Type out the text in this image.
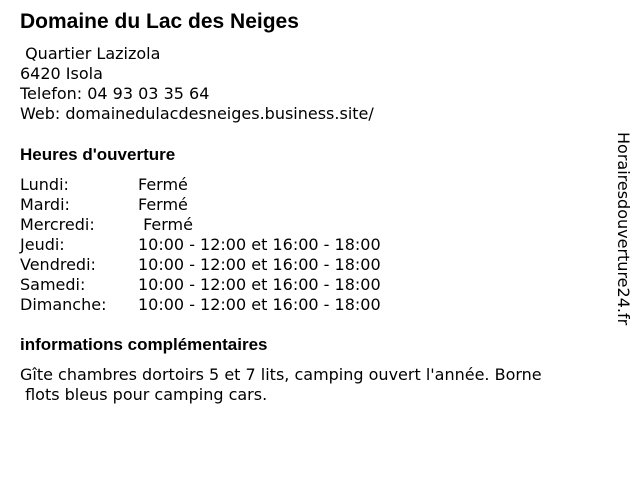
Domaine du Lac des Neiges
Quartier Lazizola
6420 Isola
Telefon: 04 93 03 35 64
Web: domainedulacdesneiges.business.site/
Heures d'ouverture
Lundi:	Fermé
Mardi:	Fermé
Mercredi:	Fermé
Jeudi:	10:00 - 12:00 et 16:00 - 18:00
Vendredi:	10:00 - 12:00 et 16:00 - 18:00
Samedi:	10:00 - 12:00 et 16:00 - 18:00
Dimanche: 10:00 - 12:00 et 16:00 - 18:00
informations complémentaires
Gîte chambres dortoirs 5 et 7 lits, camping ouvert l'année. Borne
flots bleus pour camping cars.
Horairesdouverture24.fr
